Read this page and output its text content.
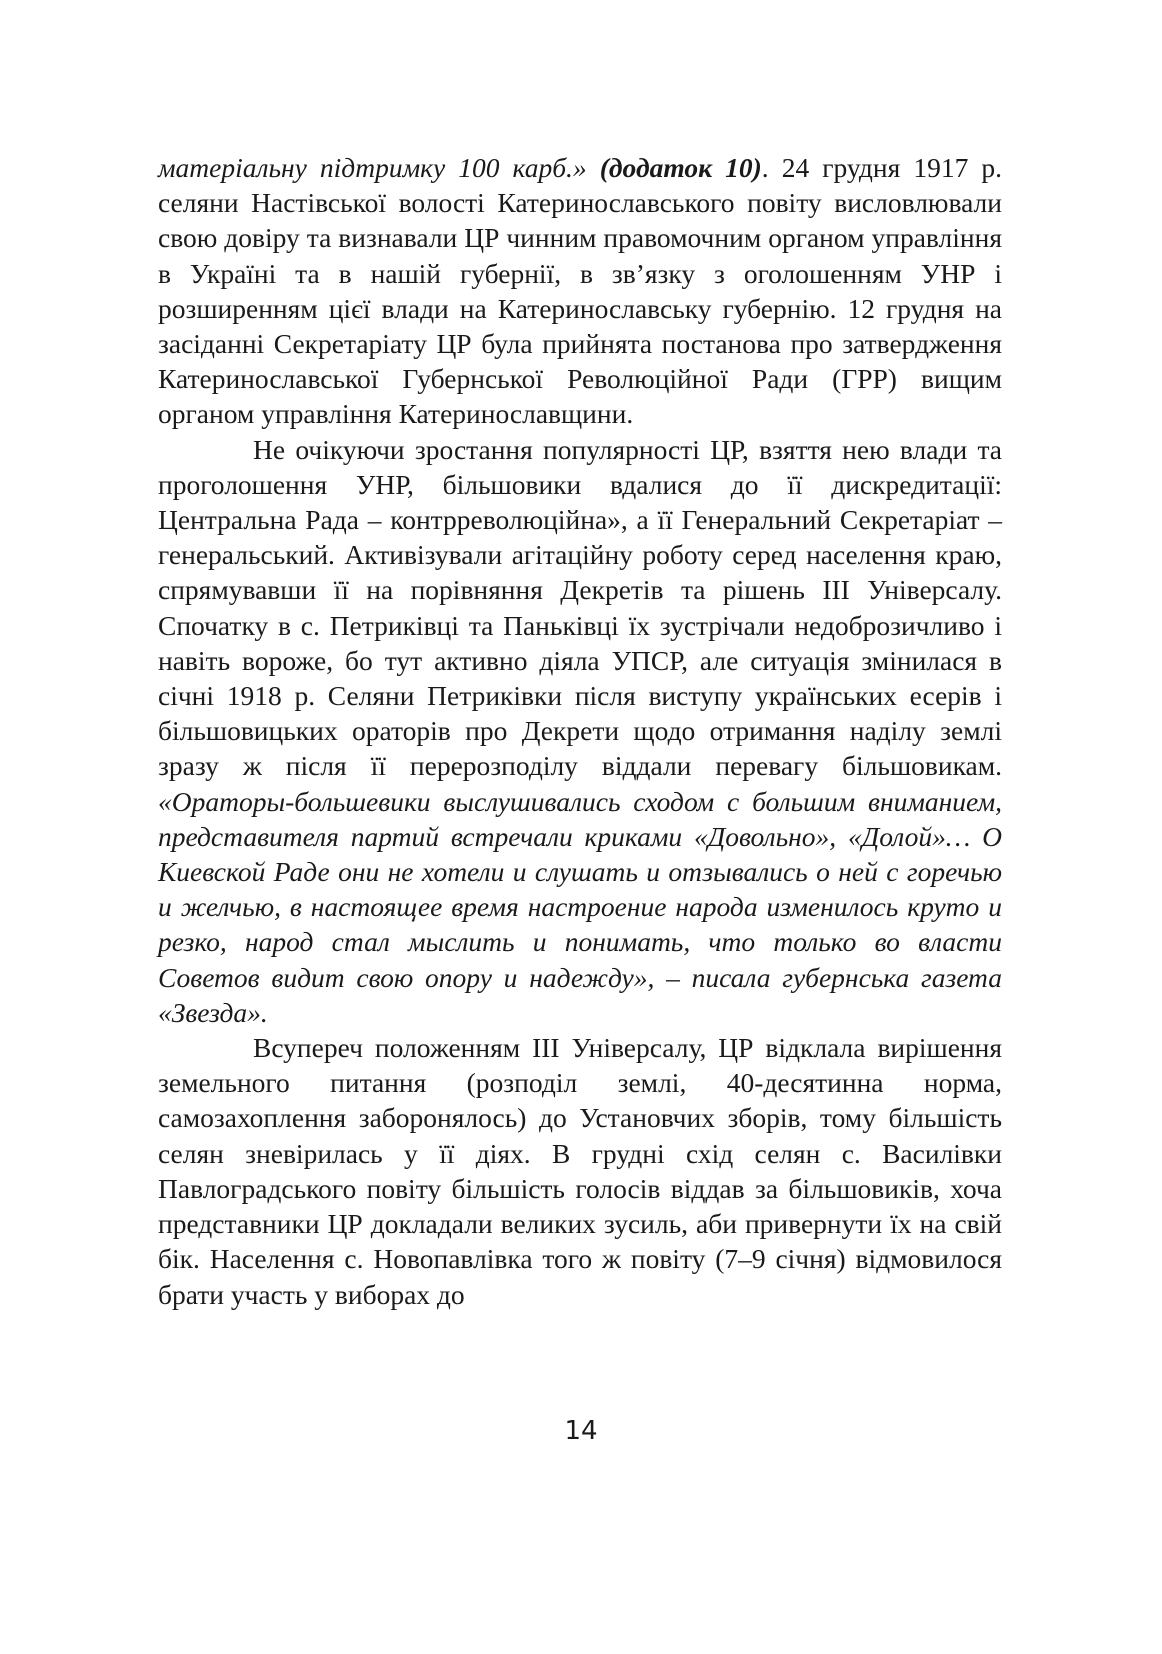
матеріальну підтримку 100 карб.» (додаток 10). 24 грудня 1917 р. селяни Настівської волості Катеринославського повіту висловлювали свою довіру та визнавали ЦР чинним правомочним органом управління в Україні та в нашій губернії, в зв’язку з оголошенням УНР і розширенням цієї влади на Катеринославську губернію. 12 грудня на засіданні Секретаріату ЦР була прийнята постанова про затвердження Катеринославської Губернської Революційної Ради (ГРР) вищим органом управління Катеринославщини.

Не очікуючи зростання популярності ЦР, взяття нею влади та проголошення УНР, більшовики вдалися до її дискредитації: Центральна Рада – контрреволюційна», а її Генеральний Секретаріат – генеральський. Активізували агітаційну роботу серед населення краю, спрямувавши її на порівняння Декретів та рішень ІІІ Універсалу. Спочатку в с. Петриківці та Паньківці їх зустрічали недоброзичливо і навіть вороже, бо тут активно діяла УПСР, але ситуація змінилася в січні 1918 р. Селяни Петриківки після виступу українських есерів і більшовицьких ораторів про Декрети щодо отримання наділу землі зразу ж після її перерозподілу віддали перевагу більшовикам. «Ораторы-большевики выслушивались сходом с большим вниманием, представителя партий встречали криками «Довольно», «Долой»… О Киевской Раде они не хотели и слушать и отзывались о ней с горечью и желчью, в настоящее время настроение народа изменилось круто и резко, народ стал мыслить и понимать, что только во власти Советов видит свою опору и надежду», – писала губернська газета «Звезда».

Всупереч положенням ІІІ Універсалу, ЦР відклала вирішення земельного питання (розподіл землі, 40-десятинна норма, самозахоплення заборонялось) до Установчих зборів, тому більшість селян зневірилась у її діях. В грудні схід селян с. Василівки Павлоградського повіту більшість голосів віддав за більшовиків, хоча представники ЦР докладали великих зусиль, аби привернути їх на свій бік. Населення с. Новопавлівка того ж повіту (7–9 січня) відмовилося брати участь у виборах до

14
